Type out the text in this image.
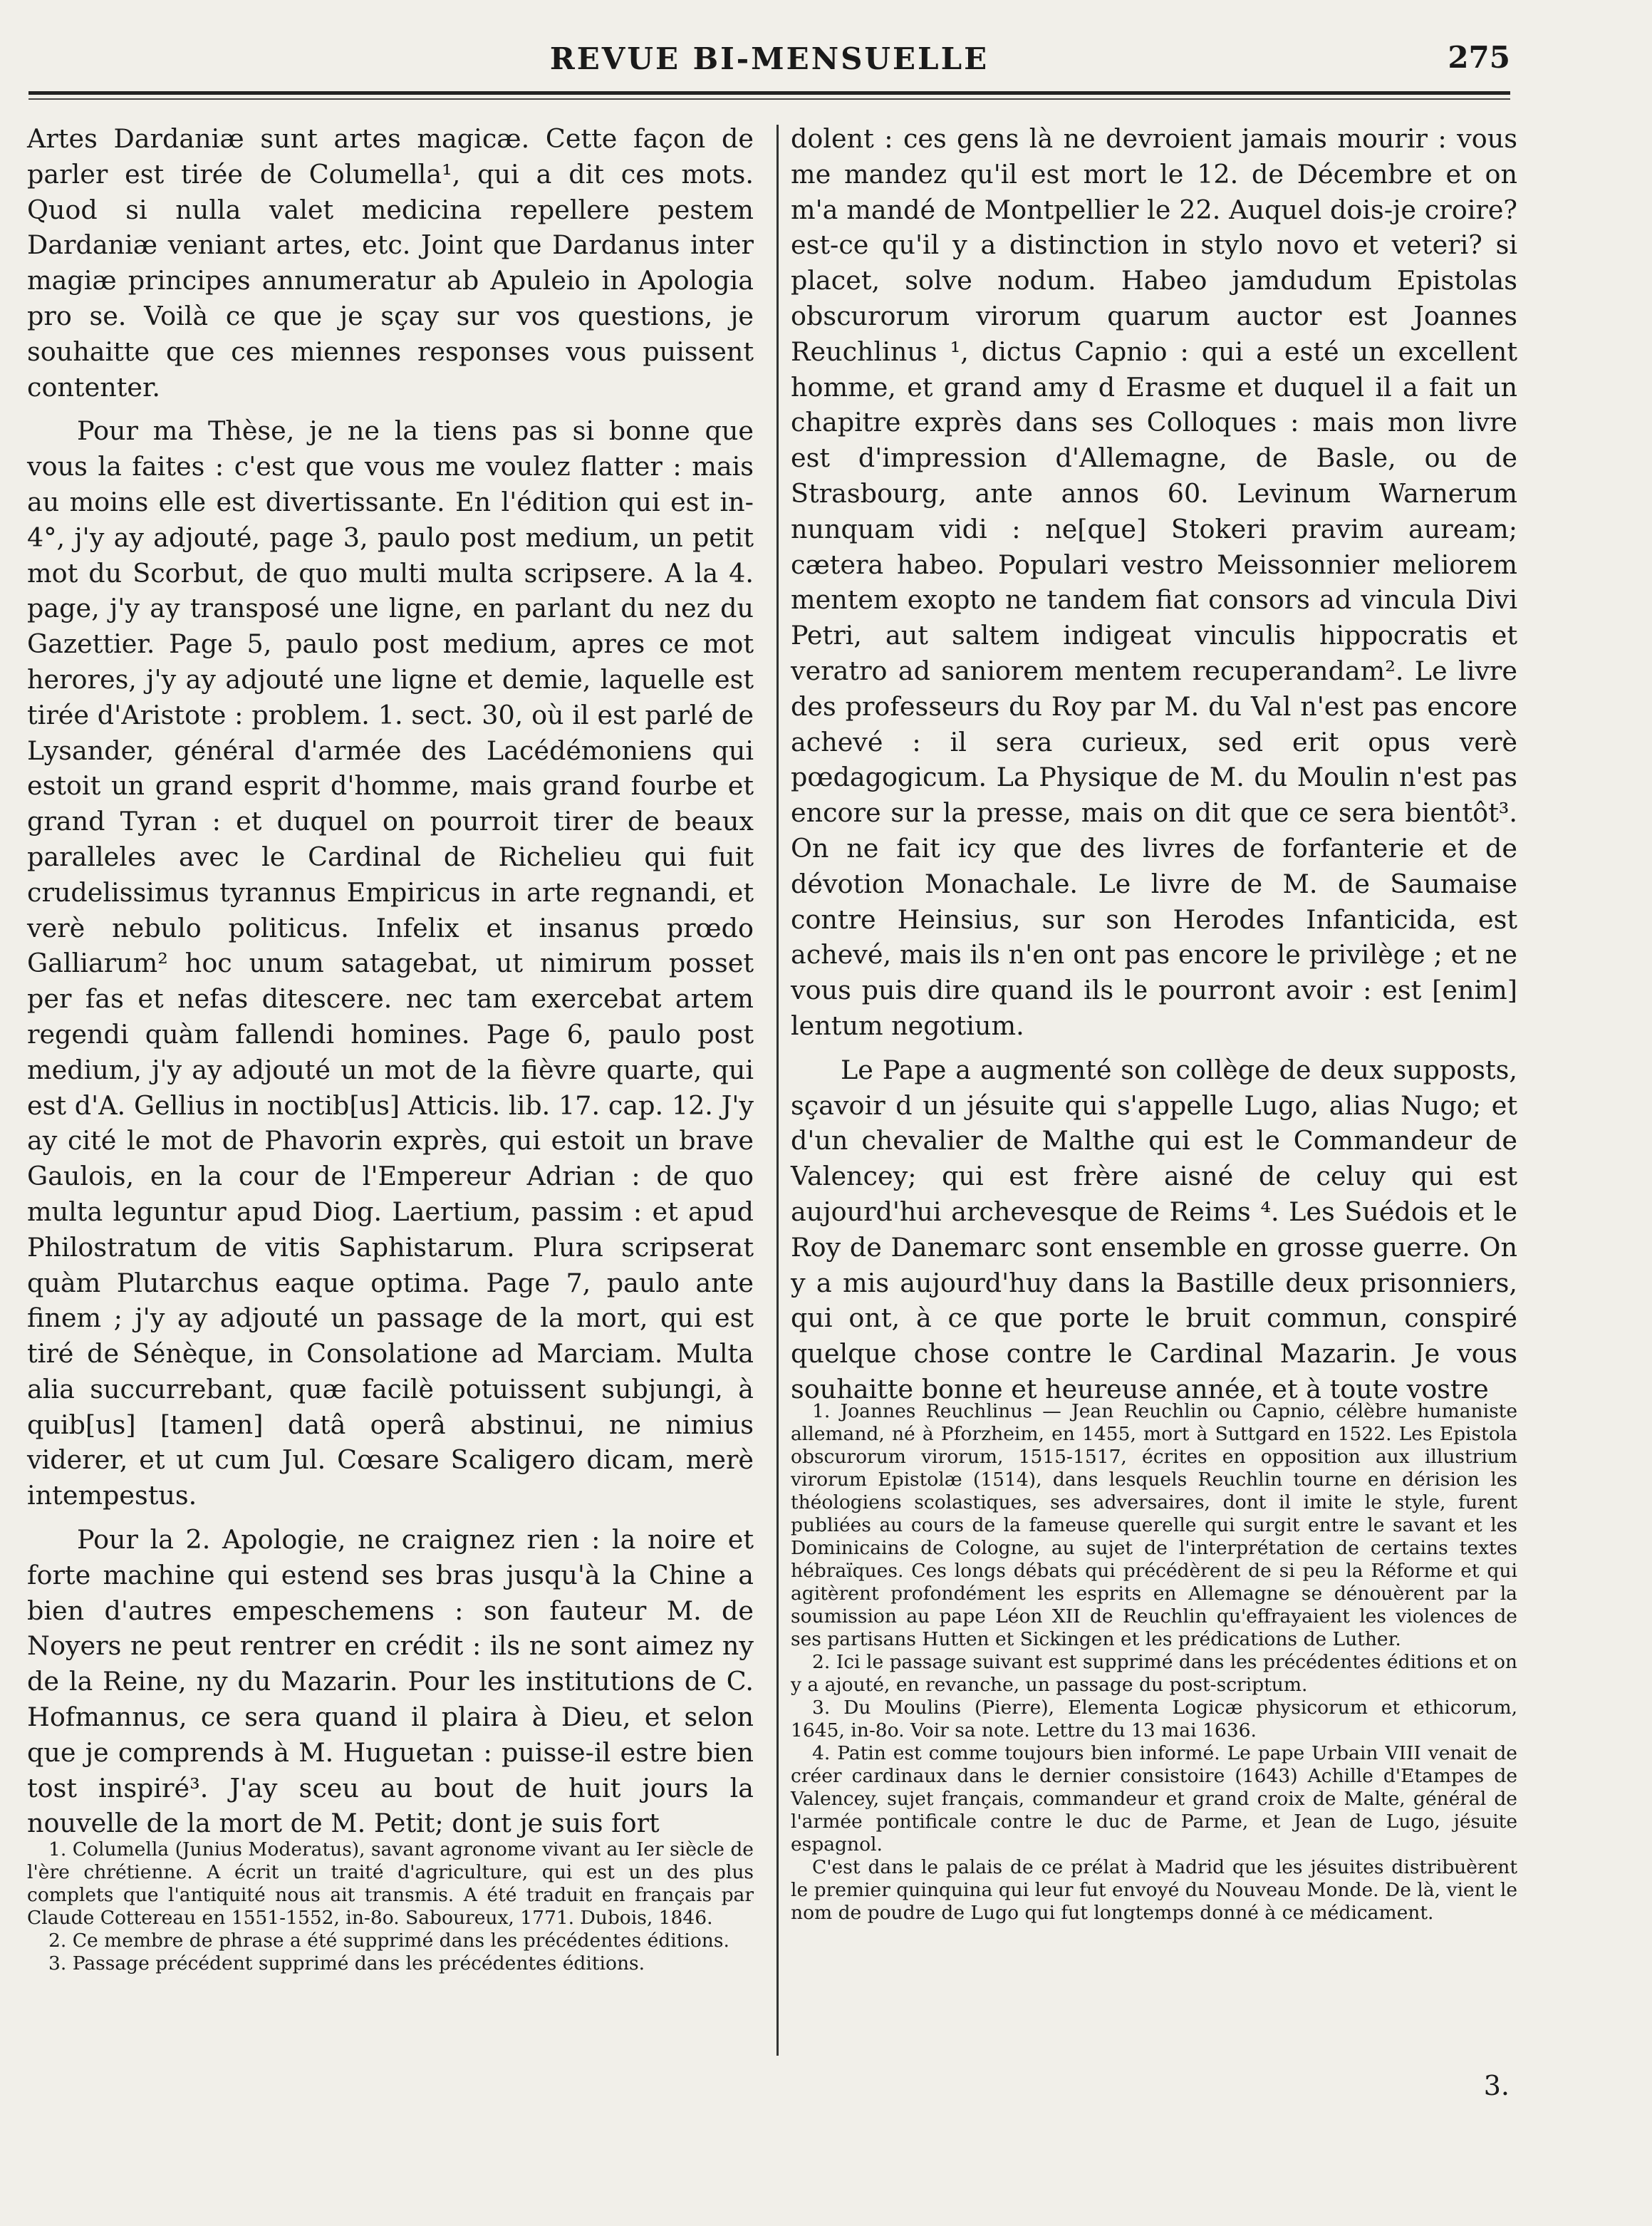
REVUE BI-MENSUELLE	275

Artes Dardaniæ sunt artes magicæ. Cette façon de parler est tirée de Columella¹, qui a dit ces mots. Quod si nulla valet medicina repellere pestem Dardaniæ veniant artes, etc. Joint que Dardanus inter magiæ principes annumeratur ab Apuleio in Apologia pro se. Voilà ce que je sçay sur vos questions, je souhaitte que ces miennes responses vous puissent contenter.

Pour ma Thèse, je ne la tiens pas si bonne que vous la faites : c'est que vous me voulez flatter : mais au moins elle est divertissante. En l'édition qui est in-4°, j'y ay adjouté, page 3, paulo post medium, un petit mot du Scorbut, de quo multi multa scripsere. A la 4. page, j'y ay transposé une ligne, en parlant du nez du Gazettier. Page 5, paulo post medium, apres ce mot herores, j'y ay adjouté une ligne et demie, laquelle est tirée d'Aristote : problem. 1. sect. 30, où il est parlé de Lysander, général d'armée des Lacédémoniens qui estoit un grand esprit d'homme, mais grand fourbe et grand Tyran : et duquel on pourroit tirer de beaux paralleles avec le Cardinal de Richelieu qui fuit crudelissimus tyrannus Empiricus in arte regnandi, et verè nebulo politicus. Infelix et insanus prœdo Galliarum² hoc unum satagebat, ut nimirum posset per fas et nefas ditescere. nec tam exercebat artem regendi quàm fallendi homines. Page 6, paulo post medium, j'y ay adjouté un mot de la fièvre quarte, qui est d'A. Gellius in noctib[us] Atticis. lib. 17. cap. 12. J'y ay cité le mot de Phavorin exprès, qui estoit un brave Gaulois, en la cour de l'Empereur Adrian : de quo multa leguntur apud Diog. Laertium, passim : et apud Philostratum de vitis Saphistarum. Plura scripserat quàm Plutarchus eaque optima. Page 7, paulo ante finem ; j'y ay adjouté un passage de la mort, qui est tiré de Sénèque, in Consolatione ad Marciam. Multa alia succurrebant, quæ facilè potuissent subjungi, à quib[us] [tamen] datâ operâ abstinui, ne nimius viderer, et ut cum Jul. Cœsare Scaligero dicam, merè intempestus.

Pour la 2. Apologie, ne craignez rien : la noire et forte machine qui estend ses bras jusqu'à la Chine a bien d'autres empeschemens : son fauteur M. de Noyers ne peut rentrer en crédit : ils ne sont aimez ny de la Reine, ny du Mazarin. Pour les institutions de C. Hofmannus, ce sera quand il plaira à Dieu, et selon que je comprends à M. Huguetan : puisse-il estre bien tost inspiré³. J'ay sceu au bout de huit jours la nouvelle de la mort de M. Petit; dont je suis fort

1. Columella (Junius Moderatus), savant agronome vivant au Ier siècle de l'ère chrétienne. A écrit un traité d'agriculture, qui est un des plus complets que l'antiquité nous ait transmis. A été traduit en français par Claude Cottereau en 1551-1552, in-8o. Saboureux, 1771. Dubois, 1846.

2. Ce membre de phrase a été supprimé dans les précédentes éditions.

3. Passage précédent supprimé dans les précédentes éditions.

dolent : ces gens là ne devroient jamais mourir : vous me mandez qu'il est mort le 12. de Décembre et on m'a mandé de Montpellier le 22. Auquel dois-je croire? est-ce qu'il y a distinction in stylo novo et veteri? si placet, solve nodum. Habeo jamdudum Epistolas obscurorum virorum quarum auctor est Joannes Reuchlinus ¹, dictus Capnio : qui a esté un excellent homme, et grand amy d Erasme et duquel il a fait un chapitre exprès dans ses Colloques : mais mon livre est d'impression d'Allemagne, de Basle, ou de Strasbourg, ante annos 60. Levinum Warnerum nunquam vidi : ne[que] Stokeri pravim auream; cætera habeo. Populari vestro Meissonnier meliorem mentem exopto ne tandem fiat consors ad vincula Divi Petri, aut saltem indigeat vinculis hippocratis et veratro ad saniorem mentem recuperandam². Le livre des professeurs du Roy par M. du Val n'est pas encore achevé : il sera curieux, sed erit opus verè pœdagogicum. La Physique de M. du Moulin n'est pas encore sur la presse, mais on dit que ce sera bientôt³. On ne fait icy que des livres de forfanterie et de dévotion Monachale. Le livre de M. de Saumaise contre Heinsius, sur son Herodes Infanticida, est achevé, mais ils n'en ont pas encore le privilège ; et ne vous puis dire quand ils le pourront avoir : est [enim] lentum negotium.

Le Pape a augmenté son collège de deux supposts, sçavoir d un jésuite qui s'appelle Lugo, alias Nugo; et d'un chevalier de Malthe qui est le Commandeur de Valencey; qui est frère aisné de celuy qui est aujourd'hui archevesque de Reims ⁴. Les Suédois et le Roy de Danemarc sont ensemble en grosse guerre. On y a mis aujourd'huy dans la Bastille deux prisonniers, qui ont, à ce que porte le bruit commun, conspiré quelque chose contre le Cardinal Mazarin. Je vous souhaitte bonne et heureuse année, et à toute vostre

1. Joannes Reuchlinus — Jean Reuchlin ou Capnio, célèbre humaniste allemand, né à Pforzheim, en 1455, mort à Suttgard en 1522. Les Epistola obscurorum virorum, 1515-1517, écrites en opposition aux illustrium virorum Epistolæ (1514), dans lesquels Reuchlin tourne en dérision les théologiens scolastiques, ses adversaires, dont il imite le style, furent publiées au cours de la fameuse querelle qui surgit entre le savant et les Dominicains de Cologne, au sujet de l'interprétation de certains textes hébraïques. Ces longs débats qui précédèrent de si peu la Réforme et qui agitèrent profondément les esprits en Allemagne se dénouèrent par la soumission au pape Léon XII de Reuchlin qu'effrayaient les violences de ses partisans Hutten et Sickingen et les prédications de Luther.

2. Ici le passage suivant est supprimé dans les précédentes éditions et on y a ajouté, en revanche, un passage du post-scriptum.

3. Du Moulins (Pierre), Elementa Logicæ physicorum et ethicorum, 1645, in-8o. Voir sa note. Lettre du 13 mai 1636.

4. Patin est comme toujours bien informé. Le pape Urbain VIII venait de créer cardinaux dans le dernier consistoire (1643) Achille d'Etampes de Valencey, sujet français, commandeur et grand croix de Malte, général de l'armée pontificale contre le duc de Parme, et Jean de Lugo, jésuite espagnol.

C'est dans le palais de ce prélat à Madrid que les jésuites distribuèrent le premier quinquina qui leur fut envoyé du Nouveau Monde. De là, vient le nom de poudre de Lugo qui fut longtemps donné à ce médicament.

3.
